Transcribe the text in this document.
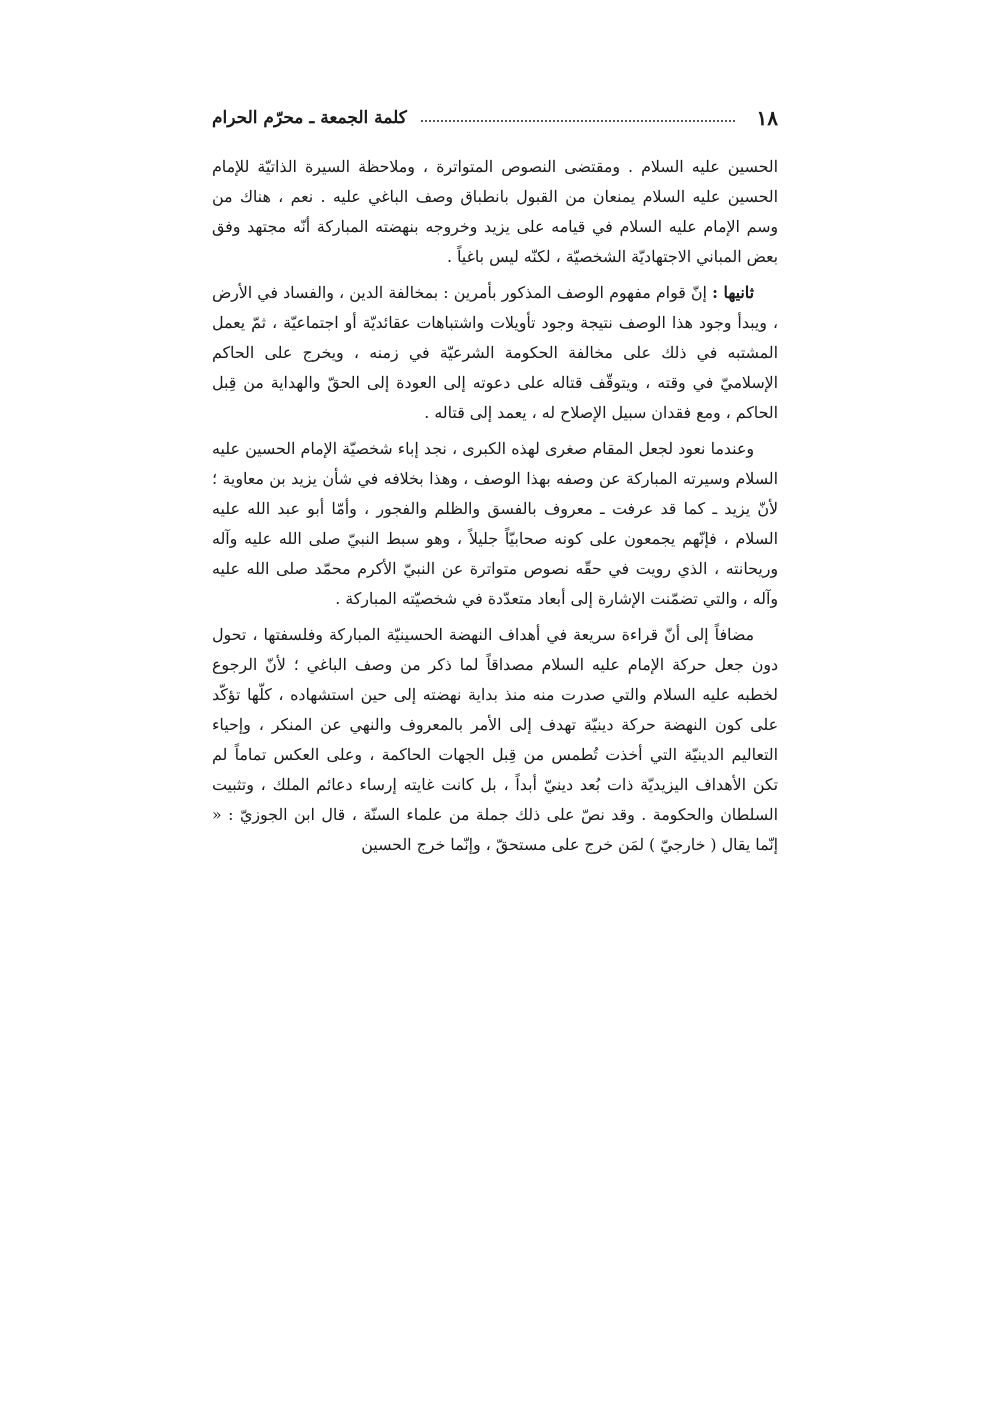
١٨
كلمة الجمعة ـ محرّم الحرام

الحسين عليه السلام . ومقتضى النصوص المتواترة ، وملاحظة السيرة الذاتيّة للإمام الحسين عليه السلام يمنعان من القبول بانطباق وصف الباغي عليه . نعم ، هناك من وسم الإمام عليه السلام في قيامه على يزيد وخروجه بنهضته المباركة أنّه مجتهد وفق بعض المباني الاجتهاديّة الشخصيّة ، لكنّه ليس باغياً .

ثانيها : إنّ قوام مفهوم الوصف المذكور بأمرين : بمخالفة الدين ، والفساد في الأرض ، ويبدأ وجود هذا الوصف نتيجة وجود تأويلات واشتباهات عقائديّة أو اجتماعيّة ، ثمّ يعمل المشتبه في ذلك على مخالفة الحكومة الشرعيّة في زمنه ، ويخرج على الحاكم الإسلاميّ في وقته ، ويتوقّف قتاله على دعوته إلى العودة إلى الحقّ والهداية من قِبل الحاكم ، ومع فقدان سبيل الإصلاح له ، يعمد إلى قتاله .

وعندما نعود لجعل المقام صغرى لهذه الكبرى ، نجد إباء شخصيّة الإمام الحسين عليه السلام وسيرته المباركة عن وصفه بهذا الوصف ، وهذا بخلافه في شأن يزيد بن معاوية ؛ لأنّ يزيد ـ كما قد عرفت ـ معروف بالفسق والظلم والفجور ، وأمّا أبو عبد الله عليه السلام ، فإنّهم يجمعون على كونه صحابيّاً جليلاً ، وهو سبط النبيّ صلى الله عليه وآله وريحانته ، الذي رويت في حقّه نصوص متواترة عن النبيّ الأكرم محمّد صلى الله عليه وآله ، والتي تضمّنت الإشارة إلى أبعاد متعدّدة في شخصيّته المباركة .

مضافاً إلى أنّ قراءة سريعة في أهداف النهضة الحسينيّة المباركة وفلسفتها ، تحول دون جعل حركة الإمام عليه السلام مصداقاً لما ذكر من وصف الباغي ؛ لأنّ الرجوع لخطبه عليه السلام والتي صدرت منه منذ بداية نهضته إلى حين استشهاده ، كلّها تؤكّد على كون النهضة حركة دينيّة تهدف إلى الأمر بالمعروف والنهي عن المنكر ، وإحياء التعاليم الدينيّة التي أخذت تُطمس من قِبل الجهات الحاكمة ، وعلى العكس تماماً لم تكن الأهداف اليزيديّة ذات بُعد دينيّ أبداً ، بل كانت غايته إرساء دعائم الملك ، وتثبيت السلطان والحكومة . وقد نصّ على ذلك جملة من علماء السنّة ، قال ابن الجوزيّ : « إنّما يقال ( خارجيّ ) لمَن خرج على مستحقّ ، وإنّما خرج الحسين
